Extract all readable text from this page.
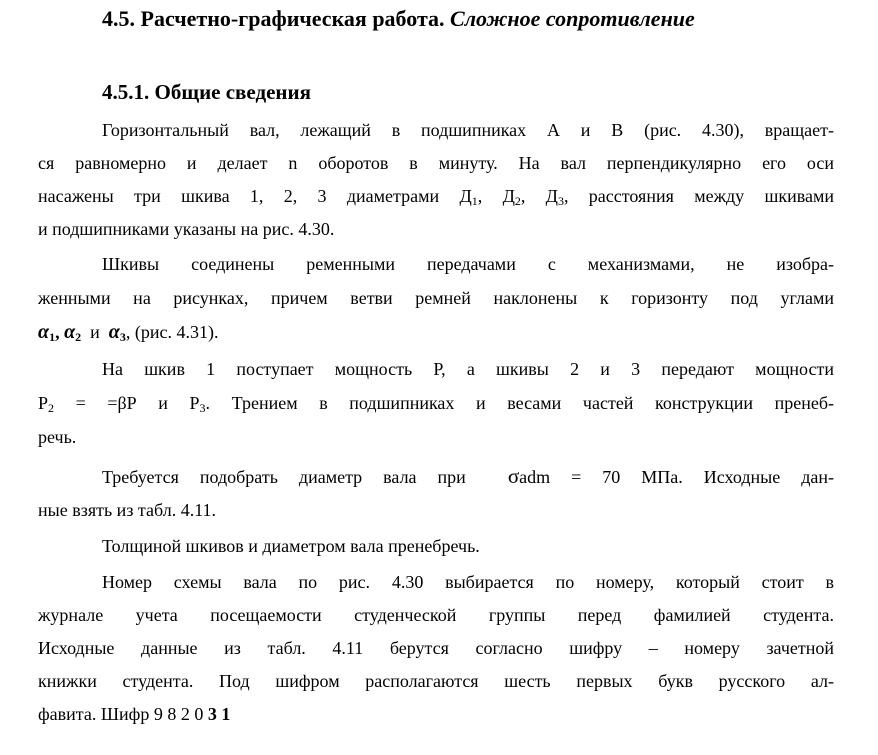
4.5. Расчетно-графическая работа. Сложное сопротивление
4.5.1. Общие сведения
Горизонтальный вал, лежащий в подшипниках А и В (рис. 4.30), вращает-
ся равномерно и делает n оборотов в минуту. На вал перпендикулярно его оси
насажены три шкива 1, 2, 3 диаметрами $Д_1$, $Д_2$, $Д_3$, расстояния между шкивами
и подшипниками указаны на рис. 4.30.
Шкивы соединены ременными передачами с механизмами, не изобра-
женными на рисунках, причем ветви ремней наклонены к горизонту под углами
$\alpha_1$, $\alpha_2$ и $\alpha_3$, (рис. 4.31).
На шкив 1 поступает мощность Р, а шкивы 2 и 3 передают мощности
$Р_2 = =\beta Р$ и $Р_3$. Трением в подшипниках и весами частей конструкции пренеб-
речь.
Требуется подобрать диаметр вала при σadm = 70 МПа. Исходные дан-
ные взять из табл. 4.11.
Толщиной шкивов и диаметром вала пренебречь.
Номер схемы вала по рис. 4.30 выбирается по номеру, который стоит в
журнале учета посещаемости студенческой группы перед фамилией студента.
Исходные данные из табл. 4.11 берутся согласно шифру – номеру зачетной
книжки студента. Под шифром располагаются шесть первых букв русского ал-
фавита. Шифр 9 8 2 0 3 1
